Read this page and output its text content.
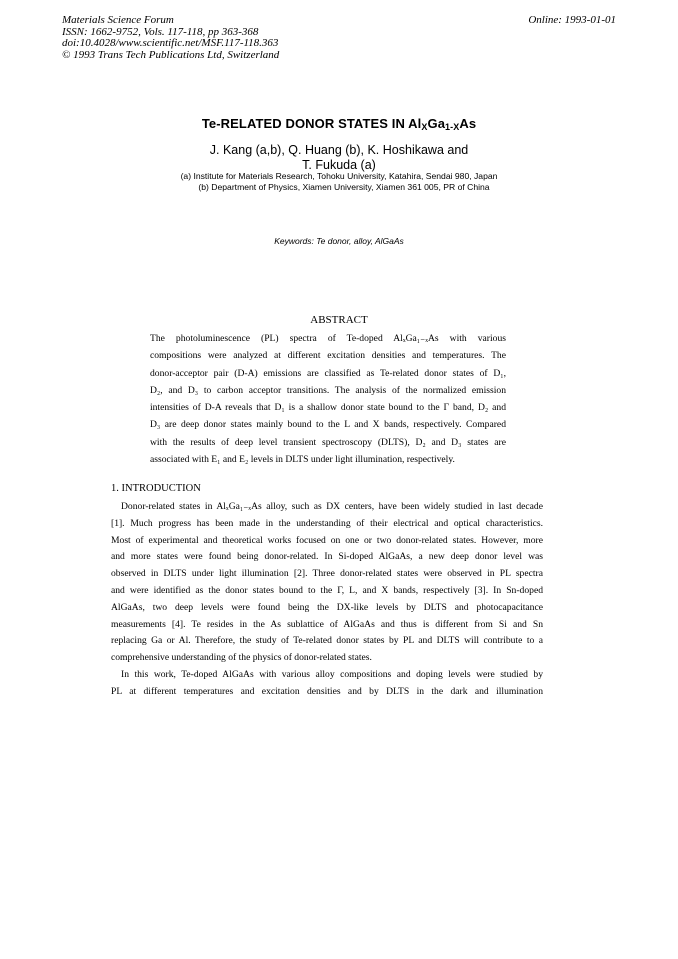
Materials Science Forum
ISSN: 1662-9752, Vols. 117-118, pp 363-368
doi:10.4028/www.scientific.net/MSF.117-118.363
© 1993 Trans Tech Publications Ltd, Switzerland
Online: 1993-01-01
Te-RELATED DONOR STATES IN $Al_XGa_{1-X}As$
J. Kang (a,b), Q. Huang (b), K. Hoshikawa and
T. Fukuda (a)
(a) Institute for Materials Research, Tohoku University, Katahira, Sendai 980, Japan
(b) Department of Physics, Xiamen University, Xiamen 361 005, PR of China
Keywords: Te donor, alloy, AlGaAs
ABSTRACT
The photoluminescence (PL) spectra of Te-doped AlₓGa₁₋ₓAs with various
compositions were analyzed at different excitation densities and temperatures. The
donor-acceptor pair (D-A) emissions are classified as Te-related donor states of D₁,
D₂, and D₃ to carbon acceptor transitions. The analysis of the normalized emission
intensities of D-A reveals that D₁ is a shallow donor state bound to the Γ band, D₂ and
D₃ are deep donor states mainly bound to the L and X bands, respectively. Compared
with the results of deep level transient spectroscopy (DLTS), D₂ and D₃ states are
associated with E₁ and E₂ levels in DLTS under light illumination, respectively.
1. INTRODUCTION
Donor-related states in AlₓGa₁₋ₓAs alloy, such as DX centers, have been widely studied in last decade
[1]. Much progress has been made in the understanding of their electrical and optical characteristics.
Most of experimental and theoretical works focused on one or two donor-related states. However, more
and more states were found being donor-related. In Si-doped AlGaAs, a new deep donor level was
observed in DLTS under light illumination [2]. Three donor-related states were observed in PL spectra
and were identified as the donor states bound to the Γ, L, and X bands, respectively [3]. In Sn-doped
AlGaAs, two deep levels were found being the DX-like levels by DLTS and photocapacitance
measurements [4]. Te resides in the As sublattice of AlGaAs and thus is different from Si and Sn
replacing Ga or Al. Therefore, the study of Te-related donor states by PL and DLTS will contribute to a
comprehensive understanding of the physics of donor-related states.
In this work, Te-doped AlGaAs with various alloy compositions and doping levels were studied by
PL at different temperatures and excitation densities and by DLTS in the dark and illumination
